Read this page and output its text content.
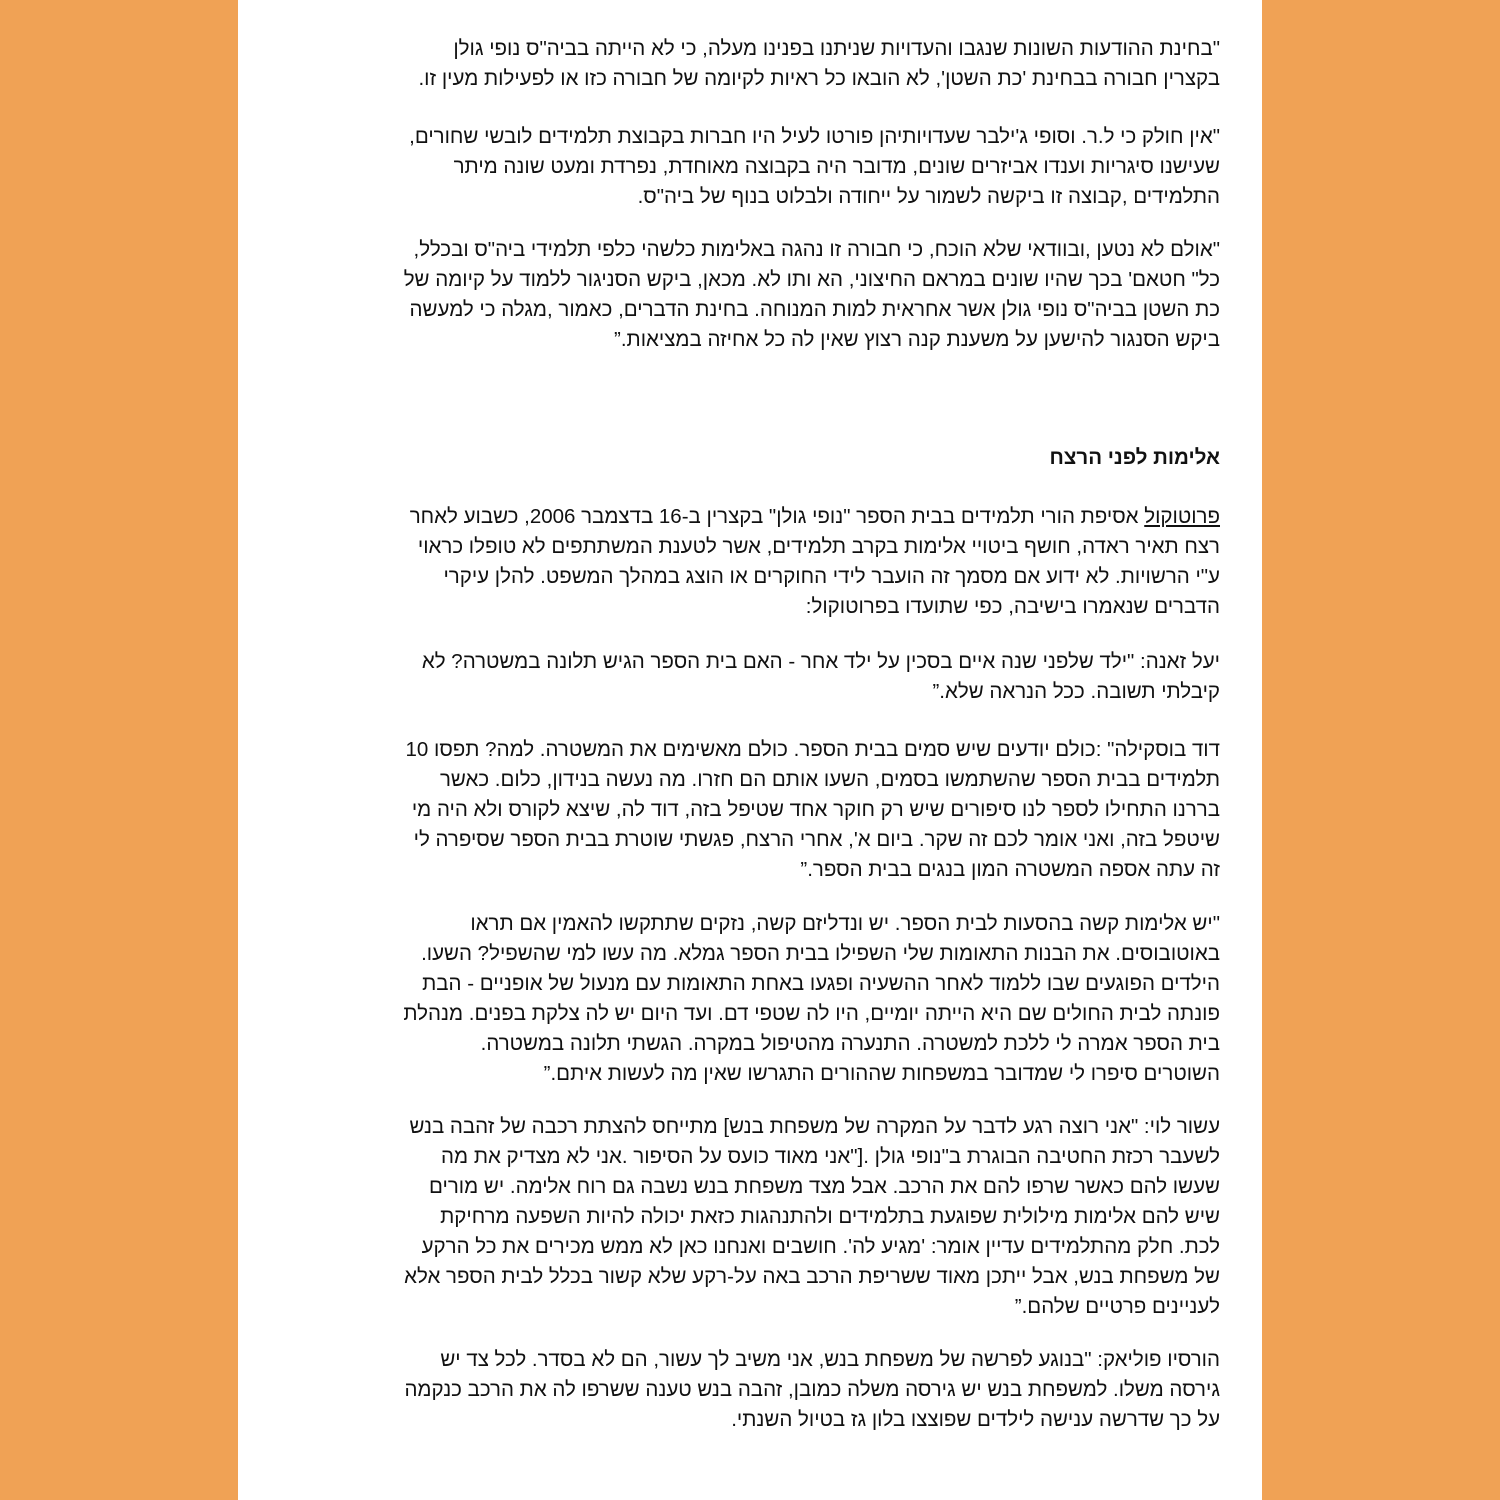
"בחינת ההודעות השונות שנגבו והעדויות שניתנו בפנינו מעלה, כי לא הייתה בביה"ס נופי גולן
בקצרין חבורה בבחינת 'כת השטן', לא הובאו כל ראיות לקיומה של חבורה כזו או לפעילות מעין זו.
"אין חולק כי ל.ר. וסופי ג'ילבר שעדויותיהן פורטו לעיל היו חברות בקבוצת תלמידים לובשי שחורים,
שעישנו סיגריות וענדו אביזרים שונים, מדובר היה בקבוצה מאוחדת, נפרדת ומעט שונה מיתר
התלמידים ,קבוצה זו ביקשה לשמור על ייחודה ולבלוט בנוף של ביה"ס.
"אולם לא נטען ,ובוודאי שלא הוכח, כי חבורה זו נהגה באלימות כלשהי כלפי תלמידי ביה"ס ובכלל,
כל" חטאם' בכך שהיו שונים במראם החיצוני, הא ותו לא. מכאן, ביקש הסניגור ללמוד על קיומה של
כת השטן בביה"ס נופי גולן אשר אחראית למות המנוחה. בחינת הדברים, כאמור ,מגלה כי למעשה
ביקש הסנגור להישען על משענת קנה רצוץ שאין לה כל אחיזה במציאות.”
אלימות לפני הרצח
פרוטוקול אסיפת הורי תלמידים בבית הספר "נופי גולן" בקצרין ב-16 בדצמבר 2006, כשבוע לאחר
רצח תאיר ראדה, חושף ביטויי אלימות בקרב תלמידים, אשר לטענת המשתתפים לא טופלו כראוי
ע"י הרשויות. לא ידוע אם מסמך זה הועבר לידי החוקרים או הוצג במהלך המשפט. להלן עיקרי
הדברים שנאמרו בישיבה, כפי שתועדו בפרוטוקול:
יעל זאנה: "ילד שלפני שנה איים בסכין על ילד אחר - האם בית הספר הגיש תלונה במשטרה? לא
קיבלתי תשובה. ככל הנראה שלא.”
דוד בוסקילה" :כולם יודעים שיש סמים בבית הספר. כולם מאשימים את המשטרה. למה? תפסו 10
תלמידים בבית הספר שהשתמשו בסמים, השעו אותם הם חזרו. מה נעשה בנידון, כלום. כאשר
בררנו התחילו לספר לנו סיפורים שיש רק חוקר אחד שטיפל בזה, דוד לה, שיצא לקורס ולא היה מי
שיטפל בזה, ואני אומר לכם זה שקר. ביום א', אחרי הרצח, פגשתי שוטרת בבית הספר שסיפרה לי
זה עתה אספה המשטרה המון בנגים בבית הספר.”
"יש אלימות קשה בהסעות לבית הספר. יש ונדליזם קשה, נזקים שתתקשו להאמין אם תראו
באוטובוסים. את הבנות התאומות שלי השפילו בבית הספר גמלא. מה עשו למי שהשפיל? השעו.
הילדים הפוגעים שבו ללמוד לאחר ההשעיה ופגעו באחת התאומות עם מנעול של אופניים - הבת
פונתה לבית החולים שם היא הייתה יומיים, היו לה שטפי דם. ועד היום יש לה צלקת בפנים. מנהלת
בית הספר אמרה לי ללכת למשטרה. התנערה מהטיפול במקרה. הגשתי תלונה במשטרה.
השוטרים סיפרו לי שמדובר במשפחות שההורים התגרשו שאין מה לעשות איתם.”
עשור לוי: "אני רוצה רגע לדבר על המקרה של משפחת בנש] מתייחס להצתת רכבה של זהבה בנש
לשעבר רכזת החטיבה הבוגרת ב"נופי גולן .["אני מאוד כועס על הסיפור .אני לא מצדיק את מה
שעשו להם כאשר שרפו להם את הרכב. אבל מצד משפחת בנש נשבה גם רוח אלימה. יש מורים
שיש להם אלימות מילולית שפוגעת בתלמידים ולהתנהגות כזאת יכולה להיות השפעה מרחיקת
לכת. חלק מהתלמידים עדיין אומר: 'מגיע לה'. חושבים ואנחנו כאן לא ממש מכירים את כל הרקע
של משפחת בנש, אבל ייתכן מאוד ששריפת הרכב באה על-רקע שלא קשור בכלל לבית הספר אלא
לעניינים פרטיים שלהם.”
הורסיו פוליאק: "בנוגע לפרשה של משפחת בנש, אני משיב לך עשור, הם לא בסדר. לכל צד יש
גירסה משלו. למשפחת בנש יש גירסה משלה כמובן, זהבה בנש טענה ששרפו לה את הרכב כנקמה
על כך שדרשה ענישה לילדים שפוצצו בלון גז בטיול השנתי.
